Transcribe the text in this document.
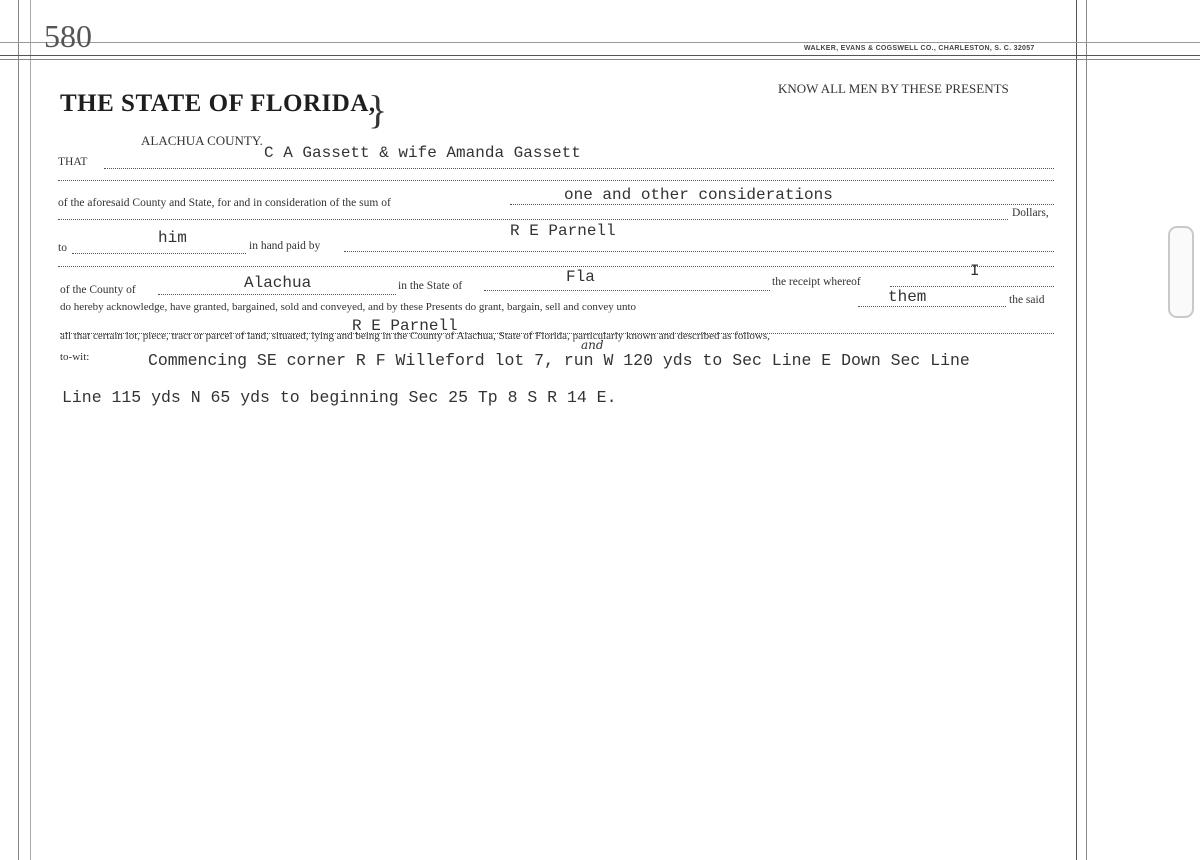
580	WALKER, EVANS & COGSWELL CO., CHARLESTON, S. C. 32057
THE STATE OF FLORIDA,
}
ALACHUA COUNTY.
KNOW ALL MEN BY THESE PRESENTS
THAT	C A Gassett & wife Amanda Gassett
of the aforesaid County and State, for and in consideration of the sum of	one and other considerations
Dollars,
to
him	in hand paid by
R E Parnell
of the County of	Alachua	in the State of	Fla	the receipt whereof
I
do hereby acknowledge, have granted, bargained, sold and conveyed, and by these Presents do grant, bargain, sell and convey unto
them	the said
R E Parnell
all that certain lot, piece, tract or parcel of land, situated, lying and being in the County of Alachua, State of Florida, particularly known and described as follows,
to-wit:	Commencing SE corner R F Willeford lot 7, run W 120 yds to Sec Line E Down Sec Line
and
Line 115 yds N 65 yds to beginning Sec 25 Tp 8 S R 14 E.
